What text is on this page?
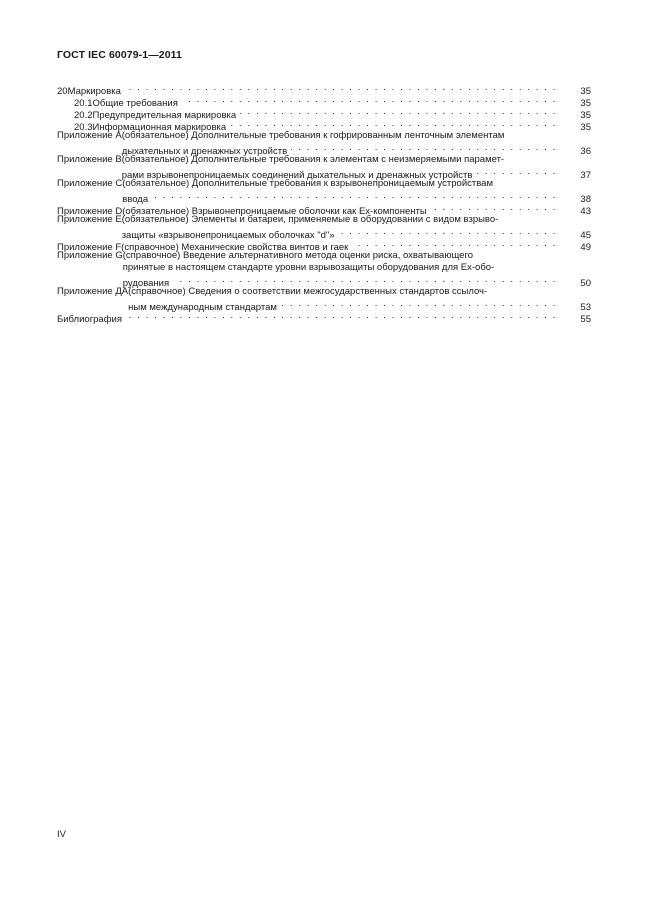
ГОСТ IEC 60079-1—2011
20 Маркировка . . .	35
20.1 Общие требования . . .	35
20.2 Предупредительная маркировка . . .	35
20.3 Информационная маркировка . . .	35
Приложение А (обязательное) Дополнительные требования к гофрированным ленточным элементам
дыхательных и дренажных устройств . . .	36
Приложение В (обязательное) Дополнительные требования к элементам с неизмеряемыми парамет-
рами взрывонепроницаемых соединений дыхательных и дренажных устройств . . .	37
Приложение С (обязательное) Дополнительные требования к взрывонепроницаемым устройствам
ввода . . .	38
Приложение D (обязательное) Взрывонепроницаемые оболочки как Ех-компоненты . . .	43
Приложение Е (обязательное) Элементы и батареи, применяемые в оборудовании с видом взрыво-
защиты «взрывонепроницаемых оболочках "d"» . . .	45
Приложение F (справочное) Механические свойства винтов и гаек . . .	49
Приложение G (справочное) Введение альтернативного метода оценки риска, охватывающего
принятые в настоящем стандарте уровни взрывозащиты оборудования для Ех-обо-
рудования . . .	50
Приложение ДА (справочное) Сведения о соответствии межгосударственных стандартов ссылоч-
ным международным стандартам . . .	53
Библиография . . .	55
IV
